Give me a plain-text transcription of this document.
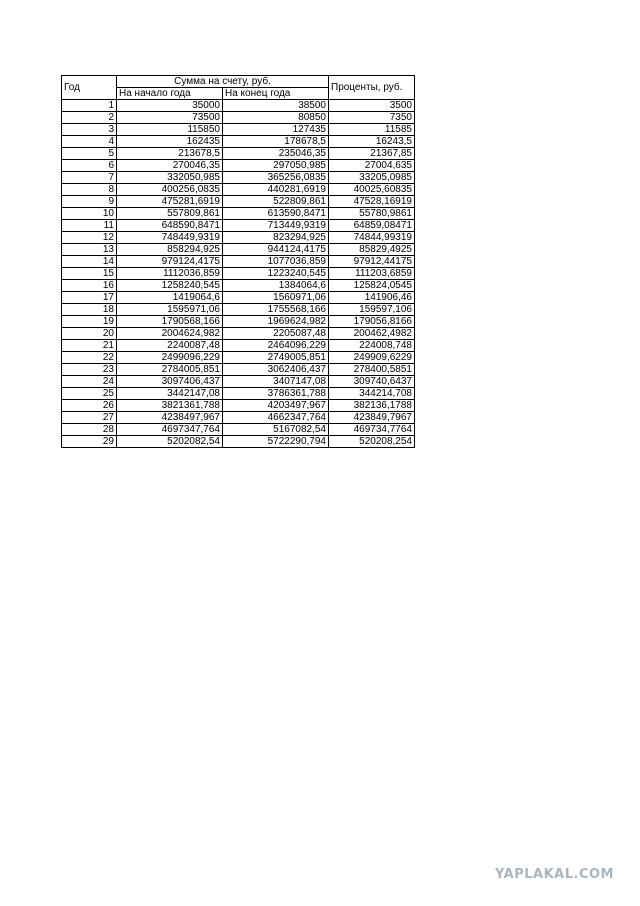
Год	Сумма на счету, руб.		Проценты, руб.
	На начало года	На конец года	
1	35000	38500	3500
2	73500	80850	7350
3	115850	127435	11585
4	162435	178678,5	16243,5
5	213678,5	235046,35	21367,85
6	270046,35	297050,985	27004,635
7	332050,985	365256,0835	33205,0985
8	400256,0835	440281,6919	40025,60835
9	475281,6919	522809,861	47528,16919
10	557809,861	613590,8471	55780,9861
11	648590,8471	713449,9319	64859,08471
12	748449,9319	823294,925	74844,99319
13	858294,925	944124,4175	85829,4925
14	979124,4175	1077036,859	97912,44175
15	1112036,859	1223240,545	111203,6859
16	1258240,545	1384064,6	125824,0545
17	1419064,6	1560971,06	141906,46
18	1595971,06	1755568,166	159597,106
19	1790568,166	1969624,982	179056,8166
20	2004624,982	2205087,48	200462,4982
21	2240087,48	2464096,229	224008,748
22	2499096,229	2749005,851	249909,6229
23	2784005,851	3062406,437	278400,5851
24	3097406,437	3407147,08	309740,6437
25	3442147,08	3786361,788	344214,708
26	3821361,788	4203497,967	382136,1788
27	4238497,967	4662347,764	423849,7967
28	4697347,764	5167082,54	469734,7764
29	5202082,54	5722290,794	520208,254
YAPLAKAL.COM
